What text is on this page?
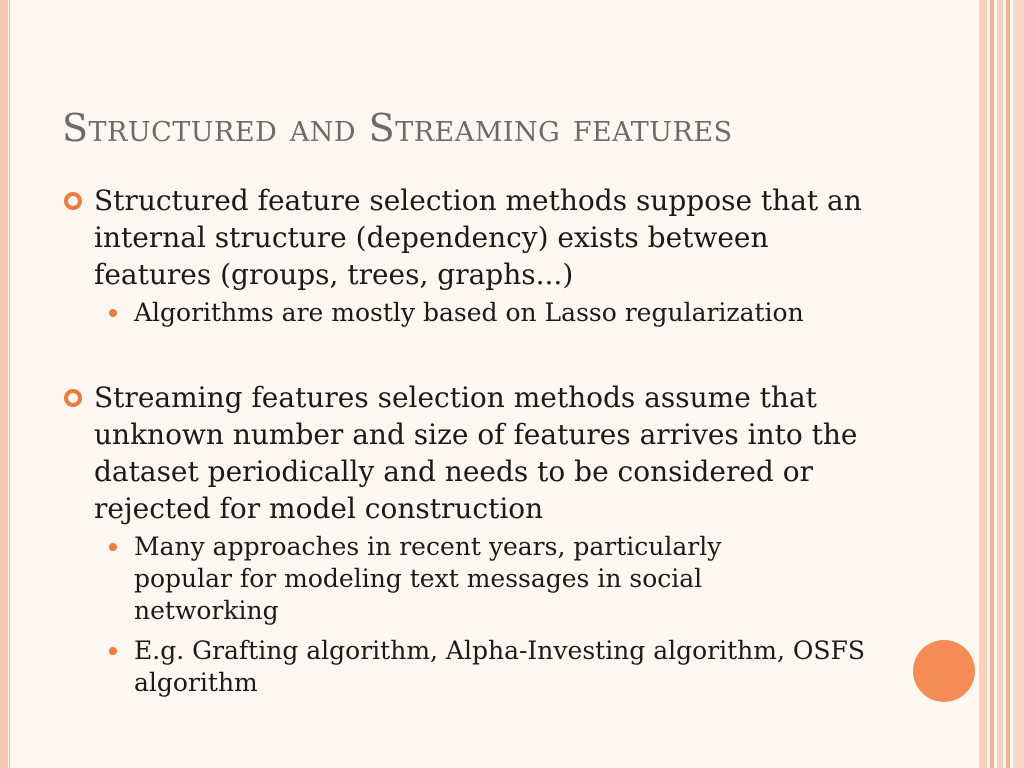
Structured and Streaming features
Structured feature selection methods suppose that an internal structure (dependency) exists between features (groups, trees, graphs...)
Algorithms are mostly based on Lasso regularization
Streaming features selection methods assume that unknown number and size of features arrives into the dataset periodically and needs to be considered or rejected for model construction
Many approaches in recent years, particularly popular for modeling text messages in social networking
E.g. Grafting algorithm, Alpha-Investing algorithm, OSFS algorithm
